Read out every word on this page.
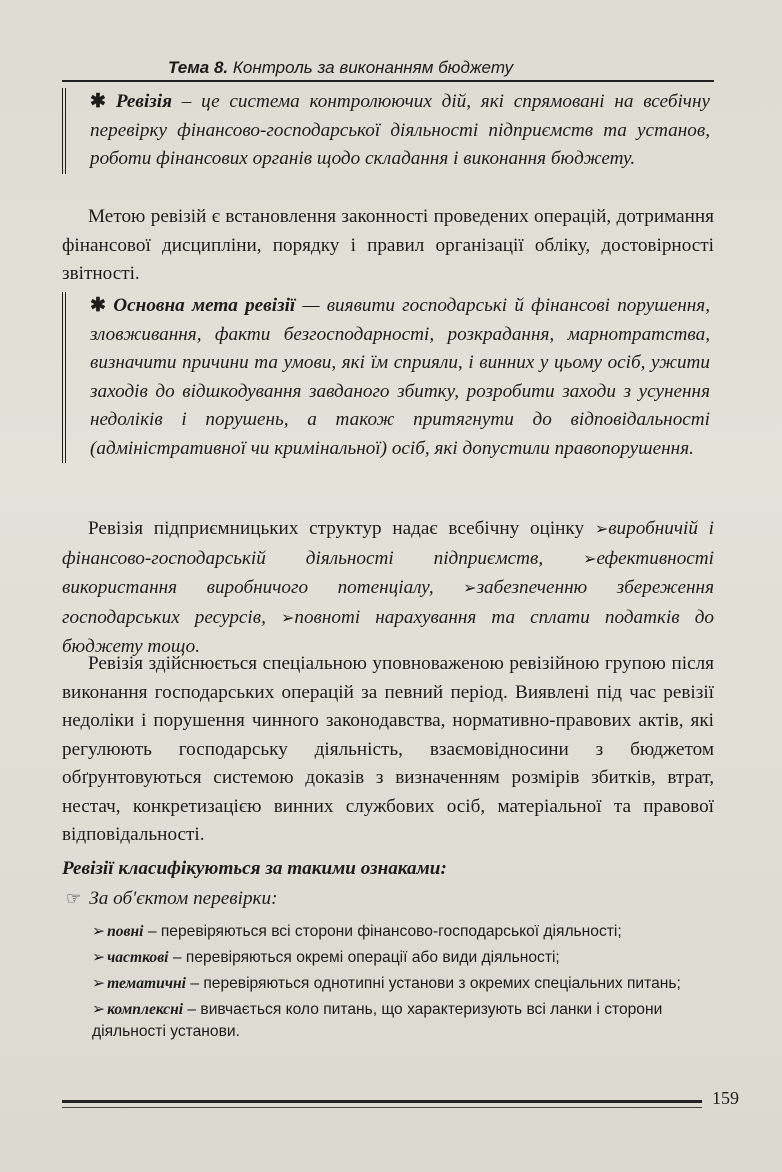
Тема 8. Контроль за виконанням бюджету
✱ Ревізія – це система контролюючих дій, які спрямовані на всебічну перевірку фінансово-господарської діяльності підприємств та установ, роботи фінансових органів щодо складання і виконання бюджету.
Метою ревізій є встановлення законності проведених операцій, дотримання фінансової дисципліни, порядку і правил організації обліку, достовірності звітності.
✱ Основна мета ревізії — виявити господарські й фінансові порушення, зловживання, факти безгосподарності, розкрадання, марнотратства, визначити причини та умови, які їм сприяли, і винних у цьому осіб, ужити заходів до відшкодування завданого збитку, розробити заходи з усунення недоліків і порушень, а також притягнути до відповідальності (адміністративної чи кримінальної) осіб, які допустили правопорушення.
Ревізія підприємницьких структур надає всебічну оцінку ➢виробничій і фінансово-господарській діяльності підприємств, ➢ефективності використання виробничого потенціалу, ➢забезпеченню збереження господарських ресурсів, ➢повноті нарахування та сплати податків до бюджету тощо.
Ревізія здійснюється спеціальною уповноваженою ревізійною групою після виконання господарських операцій за певний період. Виявлені під час ревізії недоліки і порушення чинного законодавства, нормативно-правових актів, які регулюють господарську діяльність, взаємовідносини з бюджетом обґрунтовуються системою доказів з визначенням розмірів збитків, втрат, нестач, конкретизацією винних службових осіб, матеріальної та правової відповідальності.
Ревізії класифікуються за такими ознаками:
☞ За об'єктом перевірки:
➢ повні – перевіряються всі сторони фінансово-господарської діяльності;
➢ часткові – перевіряються окремі операції або види діяльності;
➢ тематичні – перевіряються однотипні установи з окремих спеціальних питань;
➢ комплексні – вивчається коло питань, що характеризують всі ланки і сторони діяльності установи.
159
